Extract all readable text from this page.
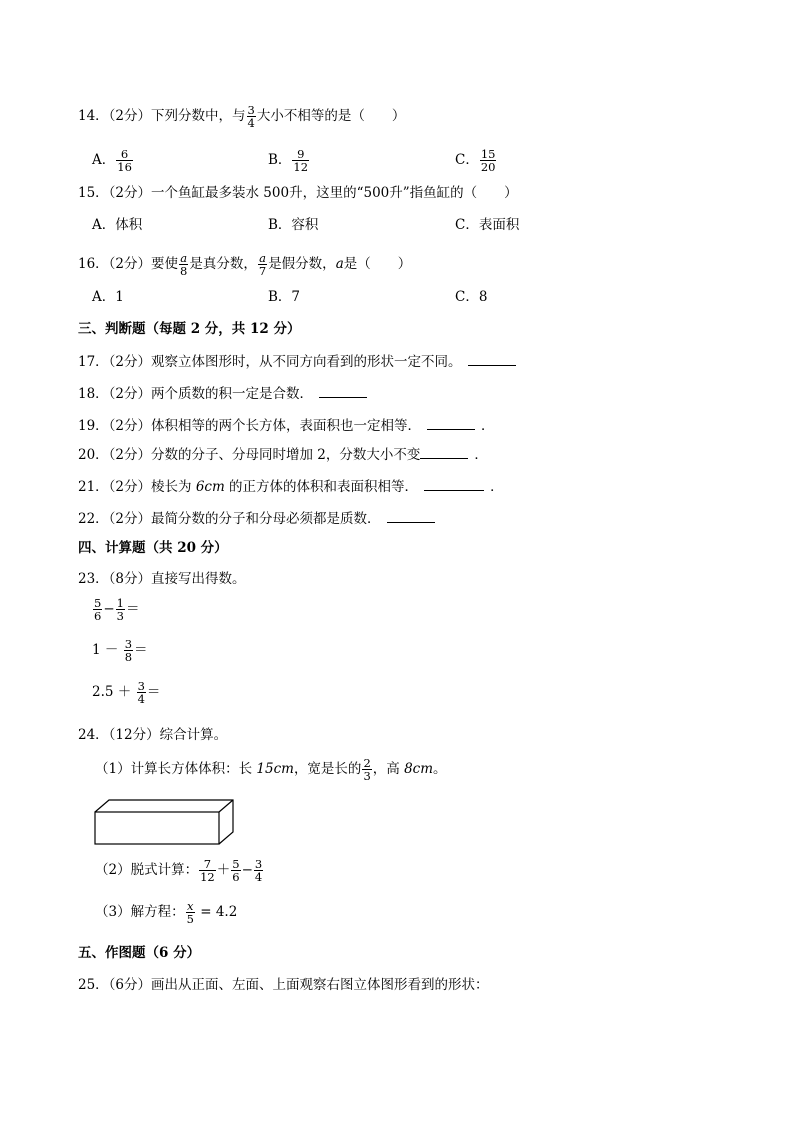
14．（2分）下列分数中，与 $\frac{3}{4}$ 大小不相等的是（　　）
A． $\frac{6}{16}$	B． $\frac{9}{12}$	C． $\frac{15}{20}$
15．（2分）一个鱼缸最多装水 500升，这里的“500升”指鱼缸的（　　）
A．体积	B．容积	C．表面积
16．（2分）要使 $\frac{a}{8}$ 是真分数， $\frac{a}{7}$ 是假分数，a是（　　）
A．1	B．7	C．8
三、判断题（每题 2 分，共 12 分）
17．（2分）观察立体图形时，从不同方向看到的形状一定不同。
18．（2分）两个质数的积一定是合数．
19．（2分）体积相等的两个长方体，表面积也一定相等．	．
20．（2分）分数的分子、分母同时增加 2，分数大小不变	．
21．（2分）棱长为 6cm 的正方体的体积和表面积相等．	．
22．（2分）最简分数的分子和分母必须都是质数．
四、计算题（共 20 分）
23．（8分）直接写出得数。
$\frac{5}{6} - \frac{1}{3}$ ＝
$1 - \frac{3}{8}$ ＝
$2.5 + \frac{3}{4}$ ＝
24．（12分）综合计算。
（1）计算长方体体积：长 15cm，宽是长的 $\frac{2}{3}$ ，高 8cm。
（2）脱式计算： $\frac{7}{12} + \frac{5}{6} - \frac{3}{4}$
（3）解方程： $\frac{x}{5} = 4.2$
五、作图题（6 分）
25．（6分）画出从正面、左面、上面观察右图立体图形看到的形状：
